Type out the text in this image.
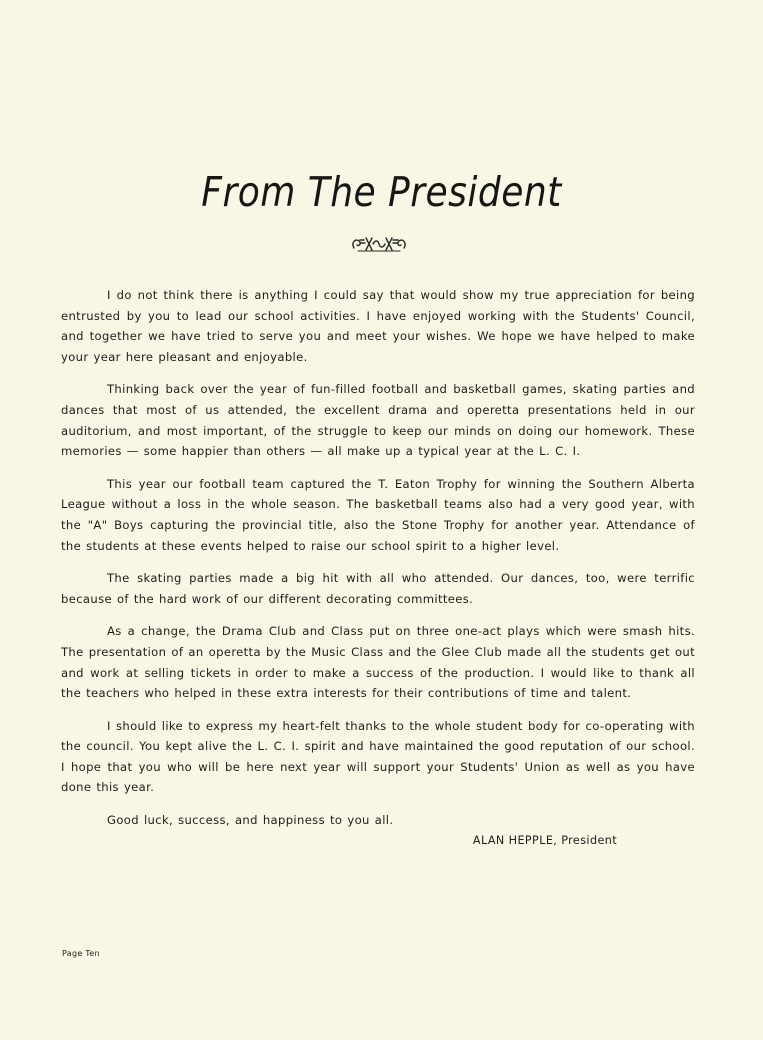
From The President

I do not think there is anything I could say that would show my true appreciation for being entrusted by you to lead our school activities. I have enjoyed working with the Students' Council, and together we have tried to serve you and meet your wishes. We hope we have helped to make your year here pleasant and enjoyable.

Thinking back over the year of fun-filled football and basketball games, skating parties and dances that most of us attended, the excellent drama and operetta presentations held in our auditorium, and most important, of the struggle to keep our minds on doing our homework. These memories — some happier than others — all make up a typical year at the L. C. I.

This year our football team captured the T. Eaton Trophy for winning the Southern Alberta League without a loss in the whole season. The basketball teams also had a very good year, with the "A" Boys capturing the provincial title, also the Stone Trophy for another year. Attendance of the students at these events helped to raise our school spirit to a higher level.

The skating parties made a big hit with all who attended. Our dances, too, were terrific because of the hard work of our different decorating committees.

As a change, the Drama Club and Class put on three one-act plays which were smash hits. The presentation of an operetta by the Music Class and the Glee Club made all the students get out and work at selling tickets in order to make a success of the production. I would like to thank all the teachers who helped in these extra interests for their contributions of time and talent.

I should like to express my heart-felt thanks to the whole student body for co-operating with the council. You kept alive the L. C. I. spirit and have maintained the good reputation of our school. I hope that you who will be here next year will support your Students' Union as well as you have done this year.

Good luck, success, and happiness to you all.

ALAN HEPPLE, President
Page Ten
